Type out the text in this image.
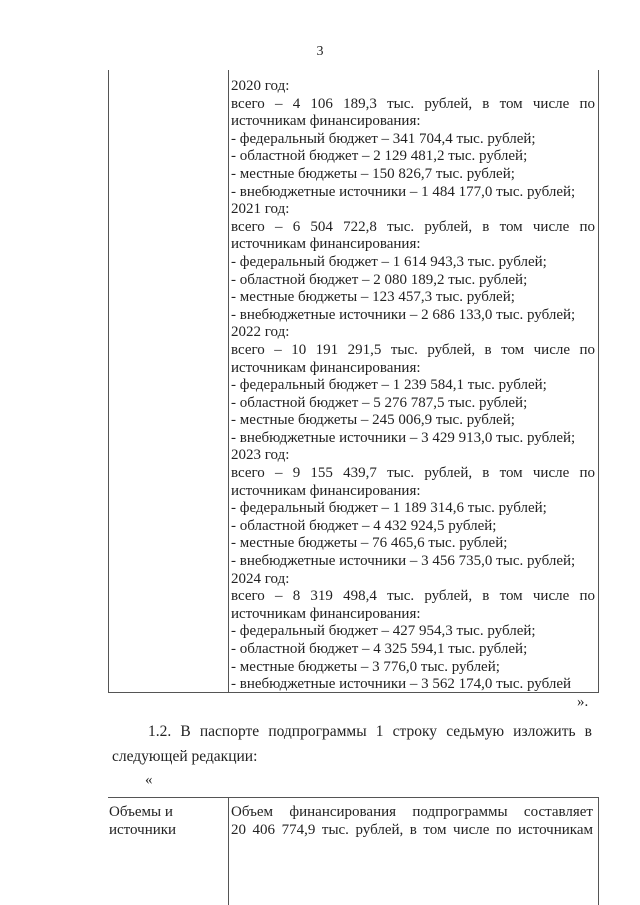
3
2020 год:
всего – 4 106 189,3 тыс. рублей, в том числе по
источникам финансирования:
- федеральный бюджет – 341 704,4 тыс. рублей;
- областной бюджет – 2 129 481,2 тыс. рублей;
- местные бюджеты – 150 826,7 тыс. рублей;
- внебюджетные источники – 1 484 177,0 тыс. рублей;
2021 год:
всего – 6 504 722,8 тыс. рублей, в том числе по
источникам финансирования:
- федеральный бюджет – 1 614 943,3 тыс. рублей;
- областной бюджет – 2 080 189,2 тыс. рублей;
- местные бюджеты – 123 457,3 тыс. рублей;
- внебюджетные источники – 2 686 133,0 тыс. рублей;
2022 год:
всего – 10 191 291,5 тыс. рублей, в том числе по
источникам финансирования:
- федеральный бюджет – 1 239 584,1 тыс. рублей;
- областной бюджет – 5 276 787,5 тыс. рублей;
- местные бюджеты – 245 006,9 тыс. рублей;
- внебюджетные источники – 3 429 913,0 тыс. рублей;
2023 год:
всего – 9 155 439,7 тыс. рублей, в том числе по
источникам финансирования:
- федеральный бюджет – 1 189 314,6 тыс. рублей;
- областной бюджет – 4 432 924,5 рублей;
- местные бюджеты – 76 465,6 тыс. рублей;
- внебюджетные источники – 3 456 735,0 тыс. рублей;
2024 год:
всего – 8 319 498,4 тыс. рублей, в том числе по
источникам финансирования:
- федеральный бюджет – 427 954,3 тыс. рублей;
- областной бюджет – 4 325 594,1 тыс. рублей;
- местные бюджеты – 3 776,0 тыс. рублей;
- внебюджетные источники – 3 562 174,0 тыс. рублей
».
1.2. В паспорте подпрограммы 1 строку седьмую изложить в
следующей редакции:
«
Объемы и
источники
Объем финансирования подпрограммы составляет
20 406 774,9 тыс. рублей, в том числе по источникам
